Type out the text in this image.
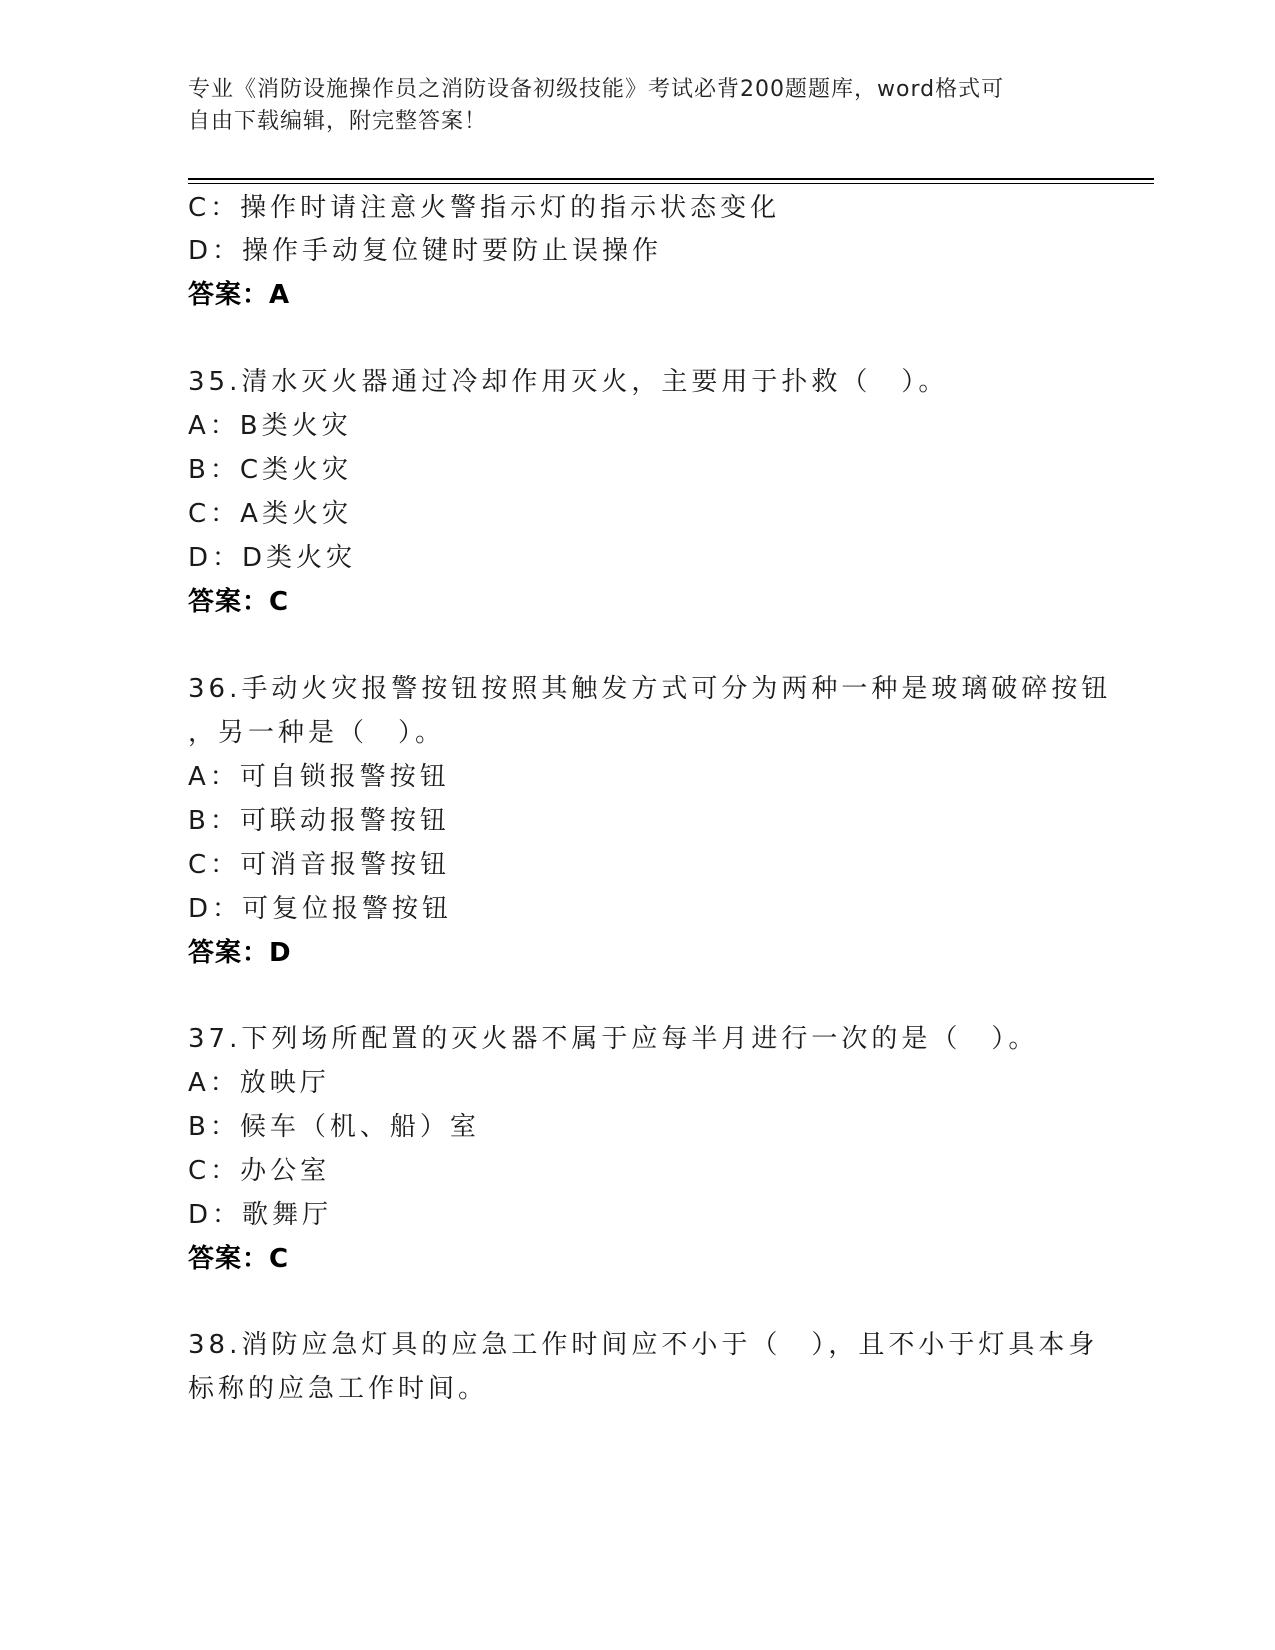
专业《消防设施操作员之消防设备初级技能》考试必背200题题库，word格式可
自由下载编辑，附完整答案！
C：操作时请注意火警指示灯的指示状态变化
D：操作手动复位键时要防止误操作
答案：A
35.清水灭火器通过冷却作用灭火，主要用于扑救（　）。
A：B类火灾
B：C类火灾
C：A类火灾
D：D类火灾
答案：C
36.手动火灾报警按钮按照其触发方式可分为两种一种是玻璃破碎按钮
，另一种是（　）。
A：可自锁报警按钮
B：可联动报警按钮
C：可消音报警按钮
D：可复位报警按钮
答案：D
37.下列场所配置的灭火器不属于应每半月进行一次的是（　）。
A：放映厅
B：候车（机、船）室
C：办公室
D：歌舞厅
答案：C
38.消防应急灯具的应急工作时间应不小于（　），且不小于灯具本身
标称的应急工作时间。
